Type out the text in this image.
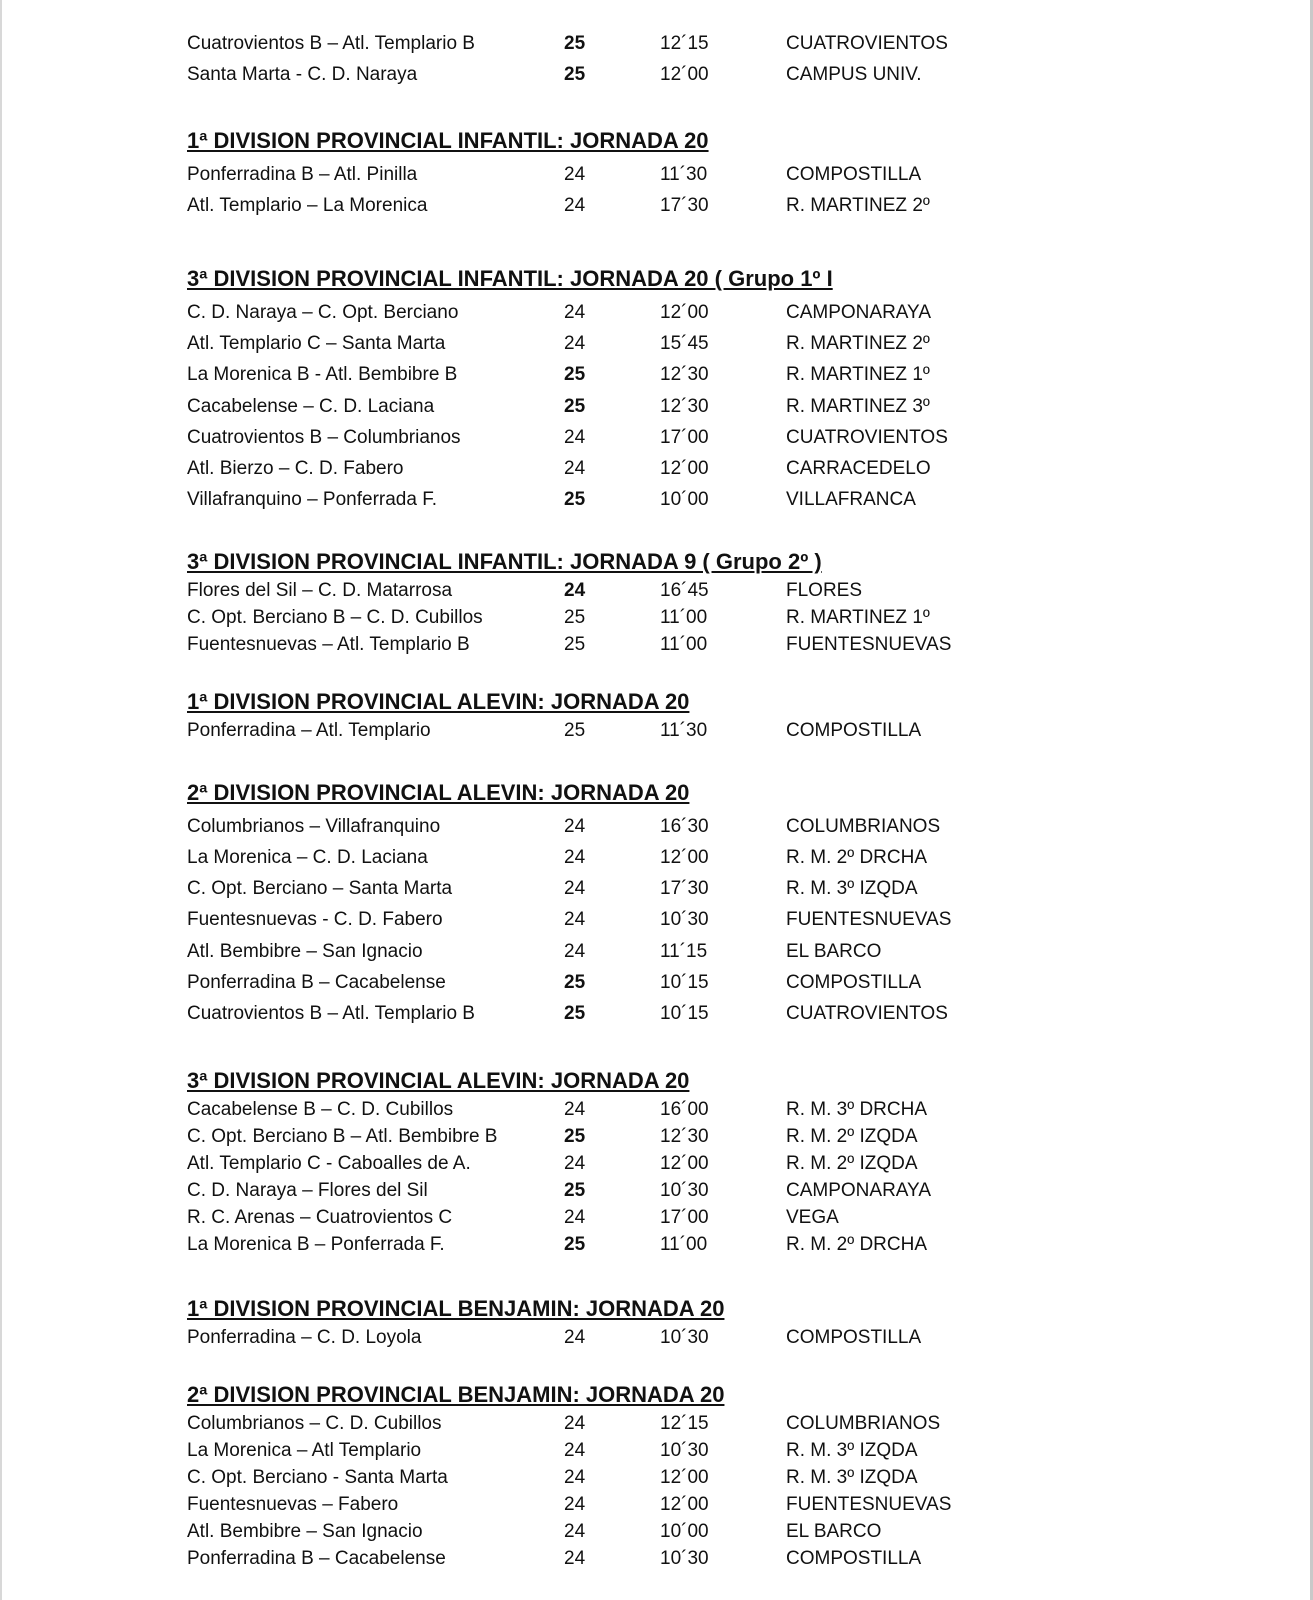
Cuatrovientos B – Atl. Templario B	25	12´15	CUATROVIENTOS
Santa Marta - C. D. Naraya	25	12´00	CAMPUS UNIV.
1ª DIVISION PROVINCIAL INFANTIL: JORNADA 20
Ponferradina B – Atl. Pinilla	24	11´30	COMPOSTILLA
Atl. Templario – La Morenica	24	17´30	R. MARTINEZ 2º
3ª DIVISION PROVINCIAL INFANTIL: JORNADA 20 ( Grupo 1º I
C. D. Naraya – C. Opt. Berciano	24	12´00	CAMPONARAYA
Atl. Templario C – Santa Marta	24	15´45	R. MARTINEZ 2º
La Morenica B - Atl. Bembibre B	25	12´30	R. MARTINEZ 1º
Cacabelense – C. D. Laciana	25	12´30	R. MARTINEZ 3º
Cuatrovientos B – Columbrianos	24	17´00	CUATROVIENTOS
Atl. Bierzo – C. D. Fabero	24	12´00	CARRACEDELO
Villafranquino – Ponferrada F.	25	10´00	VILLAFRANCA
3ª DIVISION PROVINCIAL INFANTIL: JORNADA 9 ( Grupo 2º )
Flores del Sil – C. D. Matarrosa	24	16´45	FLORES
C. Opt. Berciano B – C. D. Cubillos	25	11´00	R. MARTINEZ 1º
Fuentesnuevas – Atl. Templario B	25	11´00	FUENTESNUEVAS
1ª DIVISION PROVINCIAL ALEVIN: JORNADA 20
Ponferradina – Atl. Templario	25	11´30	COMPOSTILLA
2ª DIVISION PROVINCIAL ALEVIN: JORNADA 20
Columbrianos – Villafranquino	24	16´30	COLUMBRIANOS
La Morenica – C. D. Laciana	24	12´00	R. M. 2º DRCHA
C. Opt. Berciano – Santa Marta	24	17´30	R. M. 3º IZQDA
Fuentesnuevas - C. D. Fabero	24	10´30	FUENTESNUEVAS
Atl. Bembibre – San Ignacio	24	11´15	EL BARCO
Ponferradina B – Cacabelense	25	10´15	COMPOSTILLA
Cuatrovientos B – Atl. Templario B	25	10´15	CUATROVIENTOS
3ª DIVISION PROVINCIAL ALEVIN: JORNADA 20
Cacabelense B – C. D. Cubillos	24	16´00	R. M. 3º DRCHA
C. Opt. Berciano B – Atl. Bembibre B	25	12´30	R. M. 2º IZQDA
Atl. Templario C - Caboalles de A.	24	12´00	R. M. 2º IZQDA
C. D. Naraya – Flores del Sil	25	10´30	CAMPONARAYA
R. C. Arenas – Cuatrovientos C	24	17´00	VEGA
La Morenica B – Ponferrada F.	25	11´00	R. M. 2º DRCHA
1ª DIVISION PROVINCIAL BENJAMIN: JORNADA 20
Ponferradina – C. D. Loyola	24	10´30	COMPOSTILLA
2ª DIVISION PROVINCIAL BENJAMIN: JORNADA 20
Columbrianos – C. D. Cubillos	24	12´15	COLUMBRIANOS
La Morenica – Atl Templario	24	10´30	R. M. 3º IZQDA
C. Opt. Berciano - Santa Marta	24	12´00	R. M. 3º IZQDA
Fuentesnuevas – Fabero	24	12´00	FUENTESNUEVAS
Atl. Bembibre – San Ignacio	24	10´00	EL BARCO
Ponferradina B – Cacabelense	24	10´30	COMPOSTILLA
